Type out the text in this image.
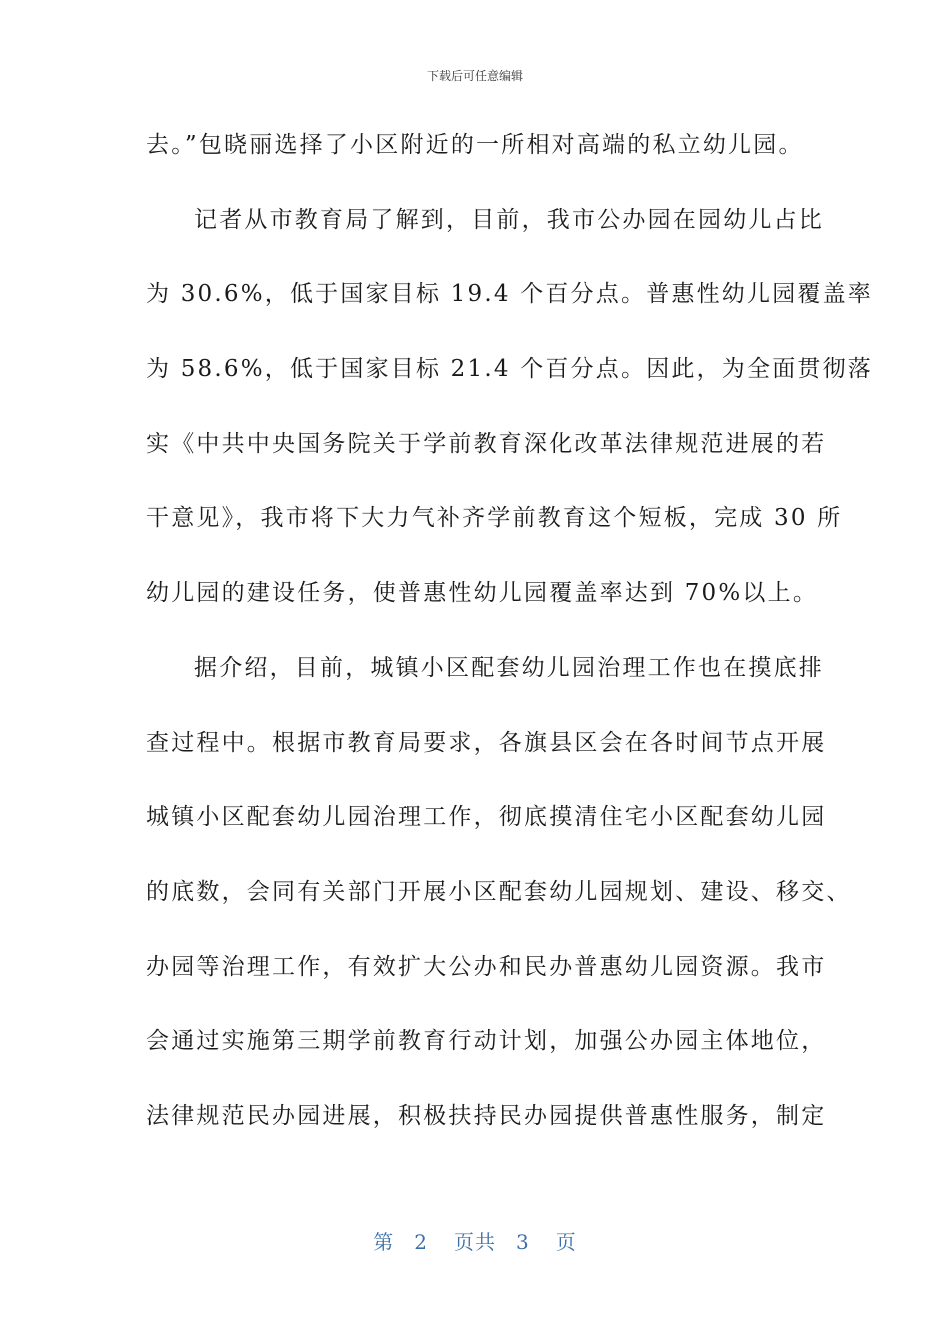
下载后可任意编辑
去。”包晓丽选择了小区附近的一所相对高端的私立幼儿园。
记者从市教育局了解到，目前，我市公办园在园幼儿占比
为 30.6%，低于国家目标 19.4 个百分点。普惠性幼儿园覆盖率
为 58.6%，低于国家目标 21.4 个百分点。因此，为全面贯彻落
实《中共中央国务院关于学前教育深化改革法律规范进展的若
干意见》，我市将下大力气补齐学前教育这个短板，完成 30 所
幼儿园的建设任务，使普惠性幼儿园覆盖率达到 70%以上。
据介绍，目前，城镇小区配套幼儿园治理工作也在摸底排
查过程中。根据市教育局要求，各旗县区会在各时间节点开展
城镇小区配套幼儿园治理工作，彻底摸清住宅小区配套幼儿园
的底数，会同有关部门开展小区配套幼儿园规划、建设、移交、
办园等治理工作，有效扩大公办和民办普惠幼儿园资源。我市
会通过实施第三期学前教育行动计划，加强公办园主体地位，
法律规范民办园进展，积极扶持民办园提供普惠性服务，制定
第 2 页共 3 页
